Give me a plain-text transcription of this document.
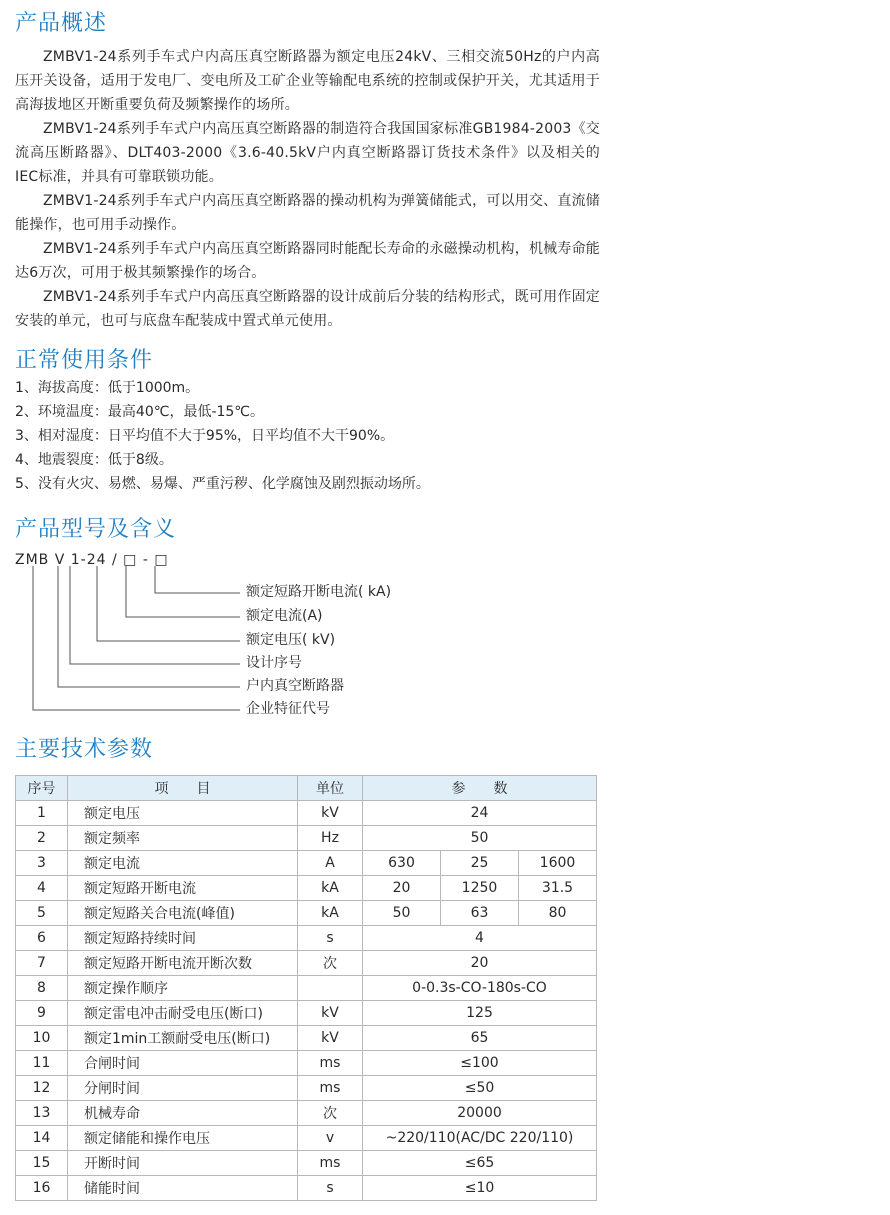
产品概述

ZMBV1-24系列手车式户内高压真空断路器为额定电压24kV、三相交流50Hz的户内高压开关设备，适用于发电厂、变电所及工矿企业等输配电系统的控制或保护开关，尤其适用于高海拔地区开断重要负荷及频繁操作的场所。

ZMBV1-24系列手车式户内高压真空断路器的制造符合我国国家标准GB1984-2003《交流高压断路器》、DLT403-2000《3.6-40.5kV户内真空断路器订货技术条件》以及相关的IEC标准，并具有可靠联锁功能。

ZMBV1-24系列手车式户内高压真空断路器的操动机构为弹簧储能式，可以用交、直流储能操作，也可用手动操作。

ZMBV1-24系列手车式户内高压真空断路器同时能配长寿命的永磁操动机构，机械寿命能达6万次，可用于极其频繁操作的场合。

ZMBV1-24系列手车式户内高压真空断路器的设计成前后分装的结构形式，既可用作固定安装的单元，也可与底盘车配装成中置式单元使用。

正常使用条件

1、海拔高度：低于1000m。

2、环境温度：最高40℃，最低-15℃。

3、相对湿度：日平均值不大于95%，日平均值不大干90%。

4、地震裂度：低于8级。

5、没有火灾、易燃、易爆、严重污秽、化学腐蚀及剧烈振动场所。

产品型号及含义
ZMB V 1-24 / □ - □
额定短路开断电流( kA)
额定电流(A)
额定电压( kV)
设计序号
户内真空断路器
企业特征代号
主要技术参数
序号	项　　目	单位	参　　数		
1	额定电压	kV	24		
2	额定频率	Hz	50		
3	额定电流	A	630	25	1600
4	额定短路开断电流	kA	20	1250	31.5
5	额定短路关合电流(峰值)	kA	50	63	80
6	额定短路持续时间	s	4		
7	额定短路开断电流开断次数	次	20		
8	额定操作顺序		0-0.3s-CO-180s-CO		
9	额定雷电冲击耐受电压(断口)	kV	125		
10	额定1min工额耐受电压(断口)	kV	65		
11	合闸时间	ms	≤100		
12	分闸时间	ms	≤50		
13	机械寿命	次	20000		
14	额定储能和操作电压	v	~220/110(AC/DC 220/110)		
15	开断时间	ms	≤65		
16	储能时间	s	≤10		
